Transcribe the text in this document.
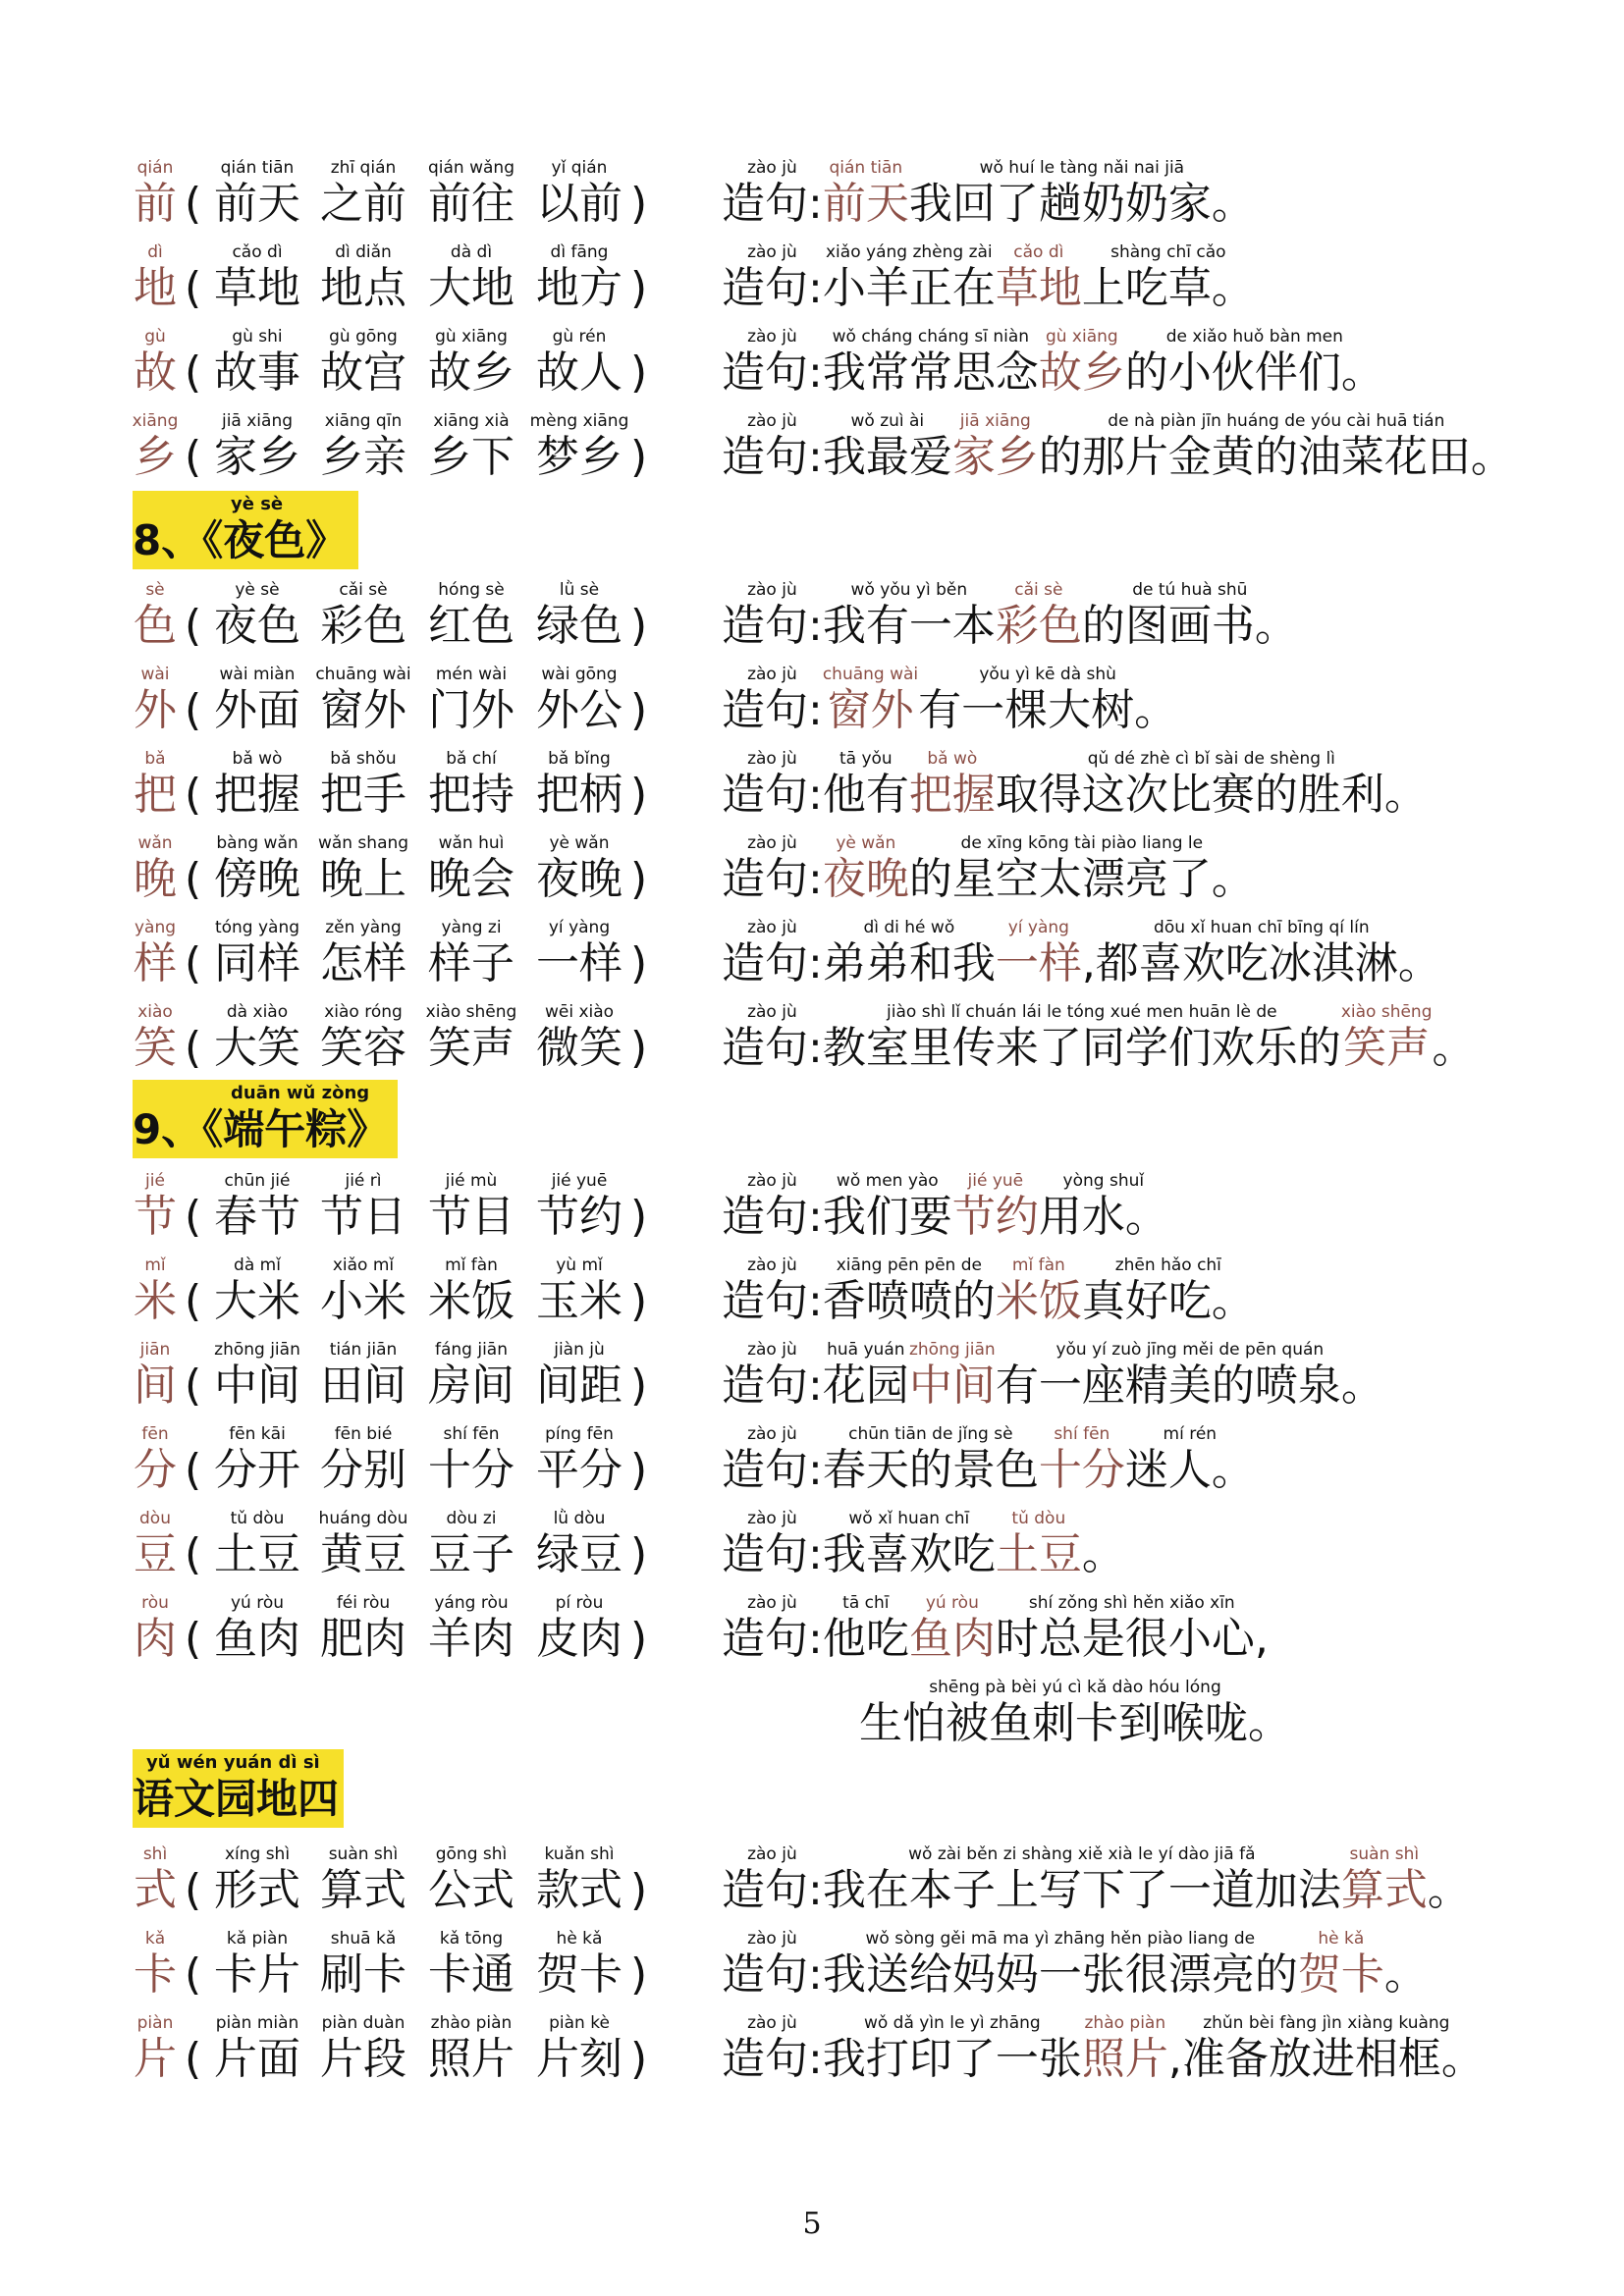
5
qián
前 (
qián tiān
前天
zhī qián
之前
qián wǎng
前往
yǐ qián
以前 )
zào jù
造句:
qián tiān
前天
wǒ huí le tàng nǎi nai jiā
我回了趟奶奶家。
dì
地 (
cǎo dì
草地
dì diǎn
地点
dà dì
大地
dì fāng
地方 )
zào jù
造句:
xiǎo yáng zhèng zài
小羊正在
cǎo dì
草地
shàng chī cǎo
上吃草。
gù
故 (
gù shi
故事
gù gōng
故宫
gù xiāng
故乡
gù rén
故人 )
zào jù
造句:
wǒ cháng cháng sī niàn
我常常思念
gù xiāng
故乡
de xiǎo huǒ bàn men
的小伙伴们。
xiāng
乡 (
jiā xiāng
家乡
xiāng qīn
乡亲
xiāng xià
乡下
mèng xiāng
梦乡 )
zào jù
造句:
wǒ zuì ài
我最爱
jiā xiāng
家乡
de nà piàn jīn huáng de yóu cài huā tián
的那片金黄的油菜花田。
yè sè
8、《夜色》
sè
色 (
yè sè
夜色
cǎi sè
彩色
hóng sè
红色
lǜ sè
绿色 )
zào jù
造句:
wǒ yǒu yì běn
我有一本
cǎi sè
彩色
de tú huà shū
的图画书。
wài
外 (
wài miàn
外面
chuāng wài
窗外
mén wài
门外
wài gōng
外公 )
zào jù
造句:
chuāng wài
窗外
yǒu yì kē dà shù
有一棵大树。
bǎ
把 (
bǎ wò
把握
bǎ shǒu
把手
bǎ chí
把持
bǎ bǐng
把柄 )
zào jù
造句:
tā yǒu
他有
bǎ wò
把握
qǔ dé zhè cì bǐ sài de shèng lì
取得这次比赛的胜利。
wǎn
晚 (
bàng wǎn
傍晚
wǎn shang
晚上
wǎn huì
晚会
yè wǎn
夜晚 )
zào jù
造句:
yè wǎn
夜晚
de xīng kōng tài piào liang le
的星空太漂亮了。
yàng
样 (
tóng yàng
同样
zěn yàng
怎样
yàng zi
样子
yí yàng
一样 )
zào jù
造句:
dì di hé wǒ
弟弟和我
yí yàng
一样
dōu xǐ huan chī bīng qí lín
,都喜欢吃冰淇淋。
xiào
笑 (
dà xiào
大笑
xiào róng
笑容
xiào shēng
笑声
wēi xiào
微笑 )
zào jù
造句:
jiào shì lǐ chuán lái le tóng xué men huān lè de
教室里传来了同学们欢乐的
xiào shēng
笑声 。
duān wǔ zòng
9、《端午粽》
jié
节 (
chūn jié
春节
jié rì
节日
jié mù
节目
jié yuē
节约 )
zào jù
造句:
wǒ men yào
我们要
jié yuē
节约
yòng shuǐ
用水。
mǐ
米 (
dà mǐ
大米
xiǎo mǐ
小米
mǐ fàn
米饭
yù mǐ
玉米 )
zào jù
造句:
xiāng pēn pēn de
香喷喷的
mǐ fàn
米饭
zhēn hǎo chī
真好吃。
jiān
间 (
zhōng jiān
中间
tián jiān
田间
fáng jiān
房间
jiàn jù
间距 )
zào jù
造句:
huā yuán
花园
zhōng jiān
中间
yǒu yí zuò jīng měi de pēn quán
有一座精美的喷泉。
fēn
分 (
fēn kāi
分开
fēn bié
分别
shí fēn
十分
píng fēn
平分 )
zào jù
造句:
chūn tiān de jǐng sè
春天的景色
shí fēn
十分
mí rén
迷人。
dòu
豆 (
tǔ dòu
土豆
huáng dòu
黄豆
dòu zi
豆子
lǜ dòu
绿豆 )
zào jù
造句:
wǒ xǐ huan chī
我喜欢吃
tǔ dòu
土豆 。
ròu
肉 (
yú ròu
鱼肉
féi ròu
肥肉
yáng ròu
羊肉
pí ròu
皮肉 )
zào jù
造句:
tā chī
他吃
yú ròu
鱼肉
shí zǒng shì hěn xiǎo xīn
时总是很小心,
shēng pà bèi yú cì kǎ dào hóu lóng
生怕被鱼刺卡到喉咙。
yǔ wén yuán dì sì
语文园地四
shì
式 (
xíng shì
形式
suàn shì
算式
gōng shì
公式
kuǎn shì
款式 )
zào jù
造句:
wǒ zài běn zi shàng xiě xià le yí dào jiā fǎ
我在本子上写下了一道加法
suàn shì
算式 。
kǎ
卡 (
kǎ piàn
卡片
shuā kǎ
刷卡
kǎ tōng
卡通
hè kǎ
贺卡 )
zào jù
造句:
wǒ sòng gěi mā ma yì zhāng hěn piào liang de
我送给妈妈一张很漂亮的
hè kǎ
贺卡 。
piàn
片 (
piàn miàn
片面
piàn duàn
片段
zhào piàn
照片
piàn kè
片刻 )
zào jù
造句:
wǒ dǎ yìn le yì zhāng
我打印了一张
zhào piàn
照片
zhǔn bèi fàng jìn xiàng kuàng
,准备放进相框。
